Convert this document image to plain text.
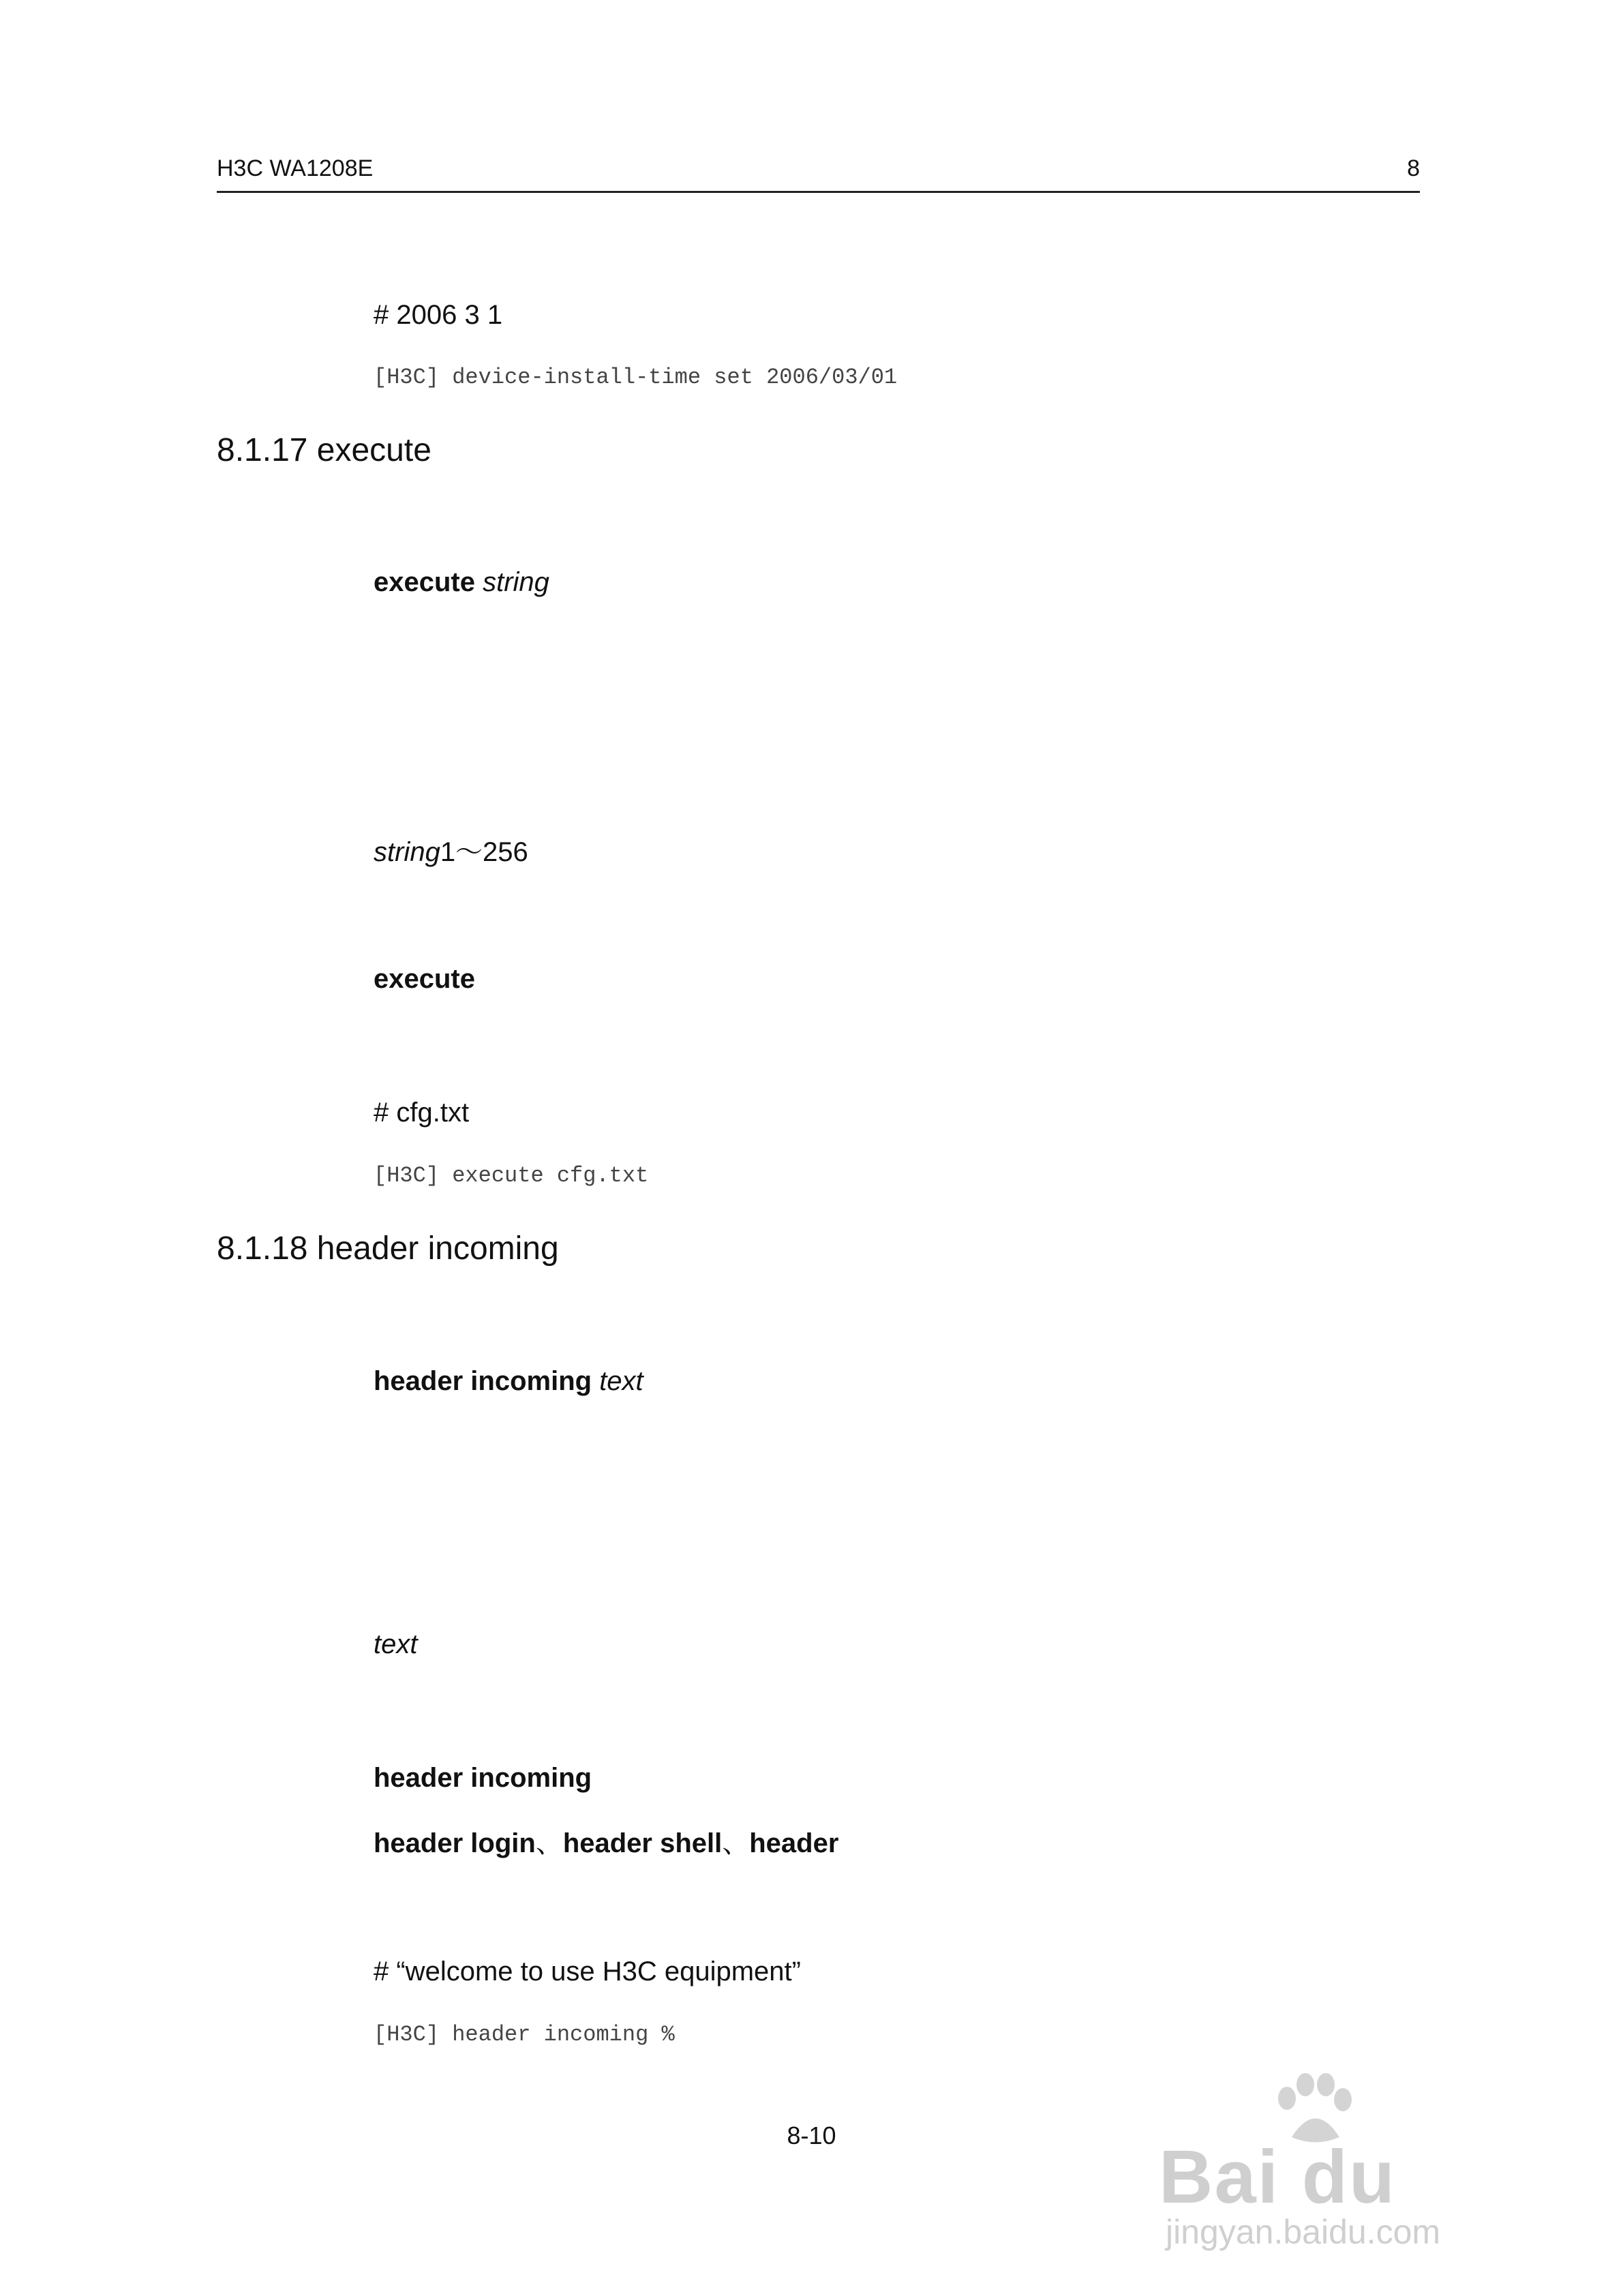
H3C WA1208E	8
# 2006 3 1
[H3C] device-install-time set 2006/03/01
8.1.17 execute
execute string
string1～256
execute
# cfg.txt
[H3C] execute cfg.txt
8.1.18 header incoming
header incoming text
text
header incoming
header login、header shell、header
# “welcome to use H3C equipment”
[H3C] header incoming %
8-10	Bai du
jingyan.baidu.com
